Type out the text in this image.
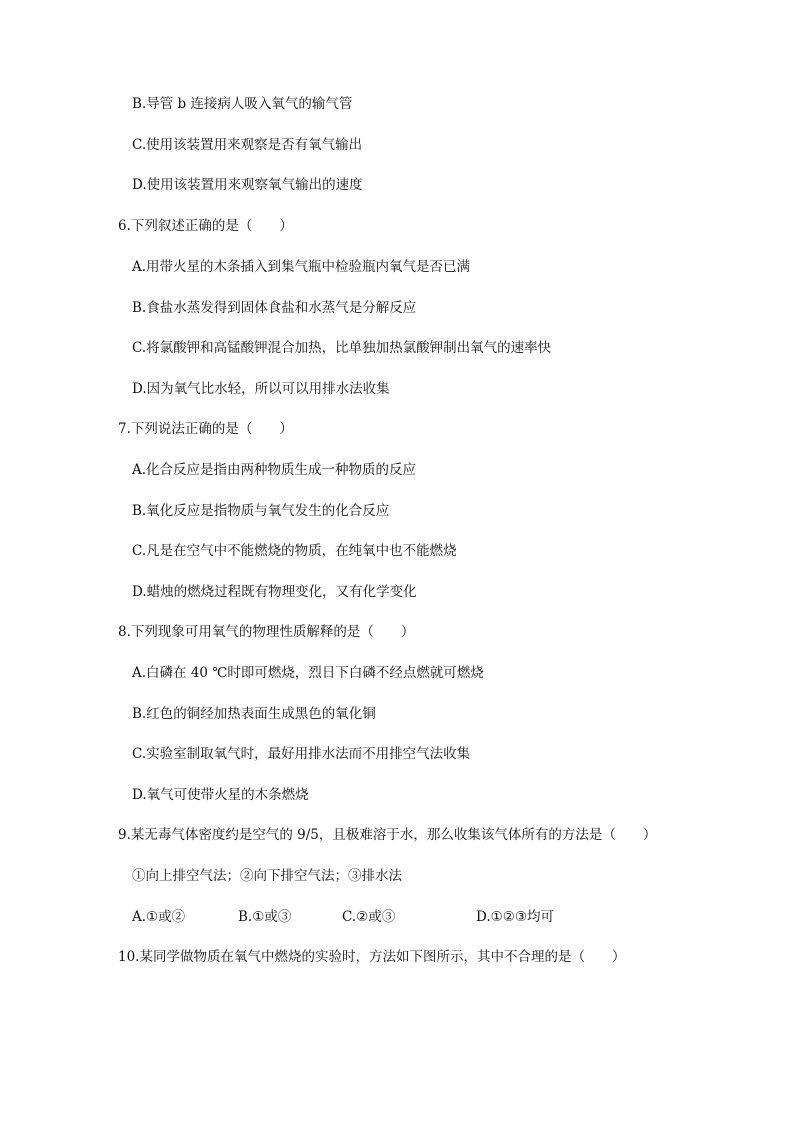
B.导管 b 连接病人吸入氧气的输气管
C.使用该装置用来观察是否有氧气输出
D.使用该装置用来观察氧气输出的速度
6.下列叙述正确的是（　　）
A.用带火星的木条插入到集气瓶中检验瓶内氧气是否已满
B.食盐水蒸发得到固体食盐和水蒸气是分解反应
C.将氯酸钾和高锰酸钾混合加热，比单独加热氯酸钾制出氧气的速率快
D.因为氧气比水轻，所以可以用排水法收集
7.下列说法正确的是（　　）
A.化合反应是指由两种物质生成一种物质的反应
B.氧化反应是指物质与氧气发生的化合反应
C.凡是在空气中不能燃烧的物质，在纯氧中也不能燃烧
D.蜡烛的燃烧过程既有物理变化，又有化学变化
8.下列现象可用氧气的物理性质解释的是（　　）
A.白磷在 40 ℃时即可燃烧，烈日下白磷不经点燃就可燃烧
B.红色的铜经加热表面生成黑色的氧化铜
C.实验室制取氧气时，最好用排水法而不用排空气法收集
D.氧气可使带火星的木条燃烧
9.某无毒气体密度约是空气的 9/5，且极难溶于水，那么收集该气体所有的方法是（　　）
①向上排空气法；②向下排空气法；③排水法
A.①或②	B.①或③	C.②或③	D.①②③均可
10.某同学做物质在氧气中燃烧的实验时，方法如下图所示，其中不合理的是（　　）
